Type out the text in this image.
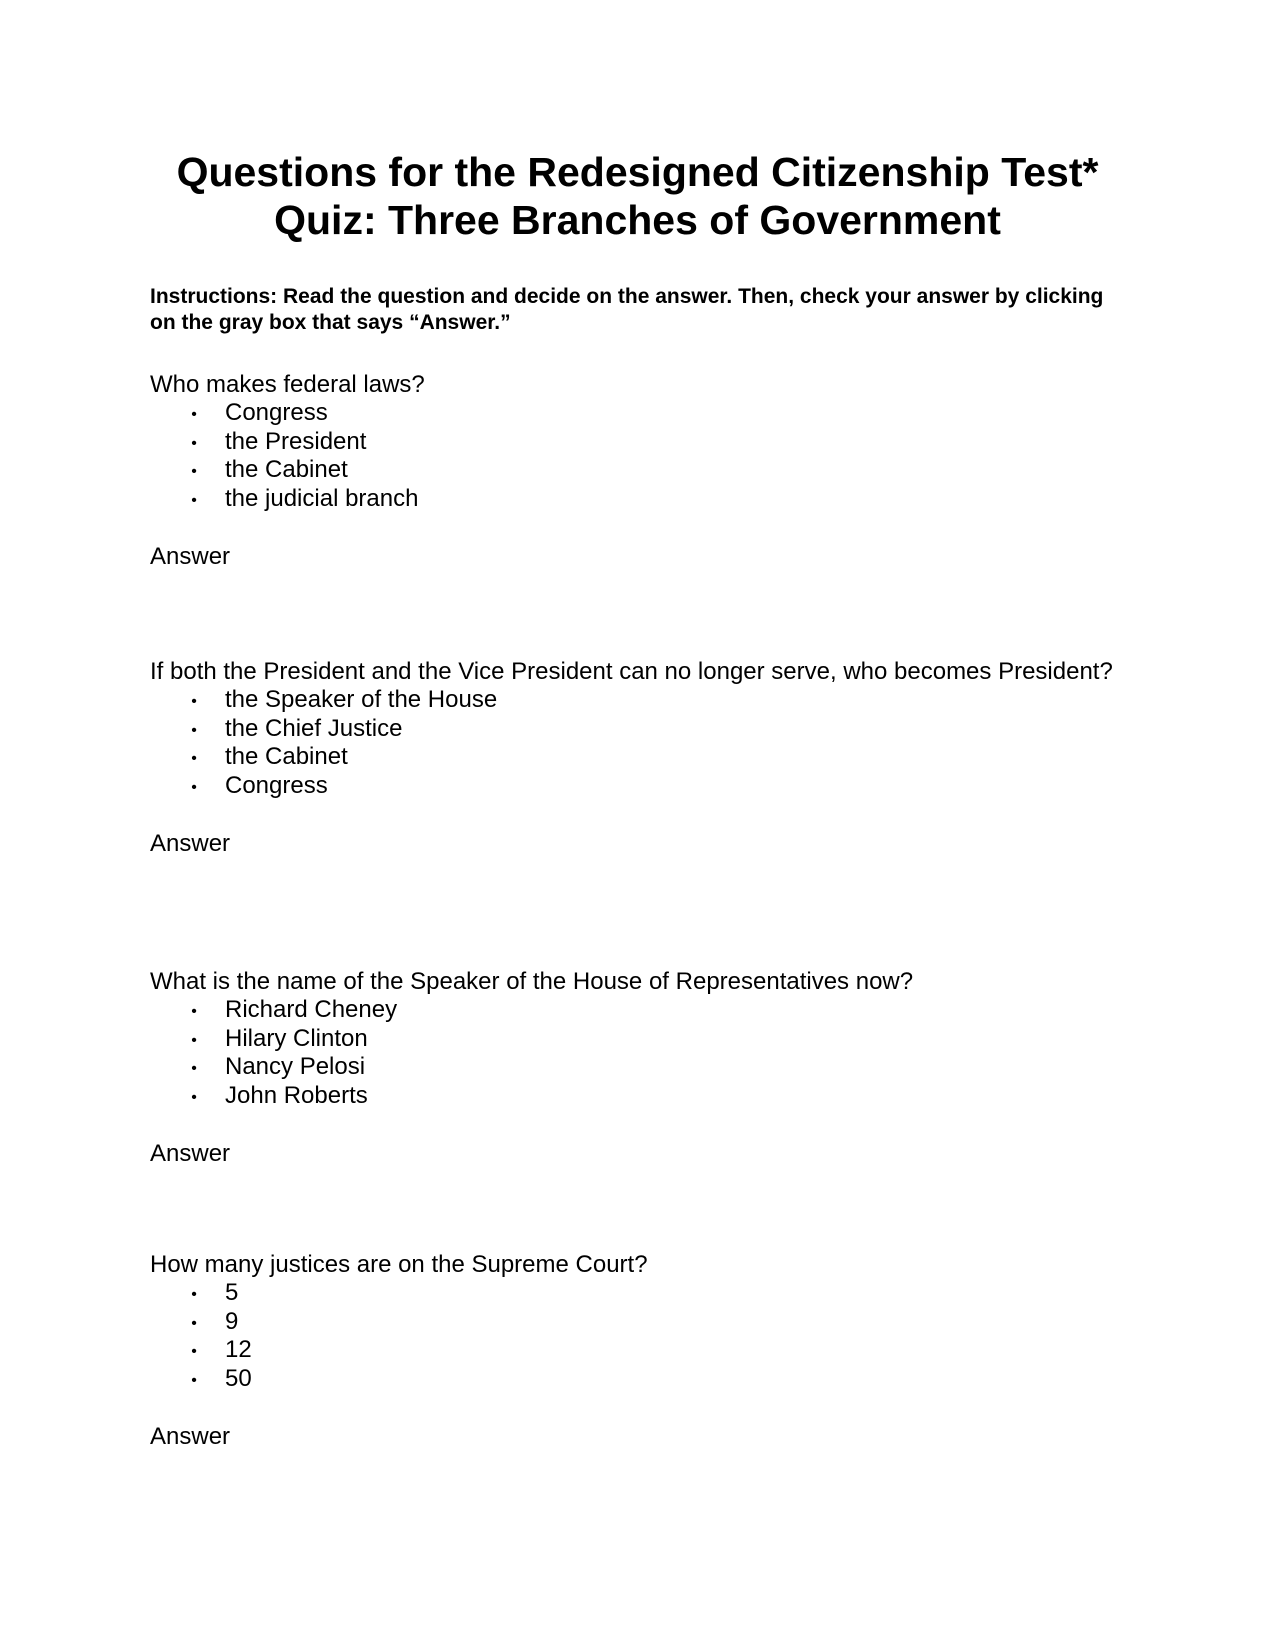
Questions for the Redesigned Citizenship Test*
Quiz: Three Branches of Government

Instructions: Read the question and decide on the answer. Then, check your answer by clicking on the gray box that says “Answer.”

Who makes federal laws?

• Congress
• the President
• the Cabinet
• the judicial branch
Answer

If both the President and the Vice President can no longer serve, who becomes President?

• the Speaker of the House
• the Chief Justice
• the Cabinet
• Congress
Answer

What is the name of the Speaker of the House of Representatives now?

• Richard Cheney
• Hilary Clinton
• Nancy Pelosi
• John Roberts
Answer

How many justices are on the Supreme Court?

• 5
• 9
• 12
• 50
Answer
